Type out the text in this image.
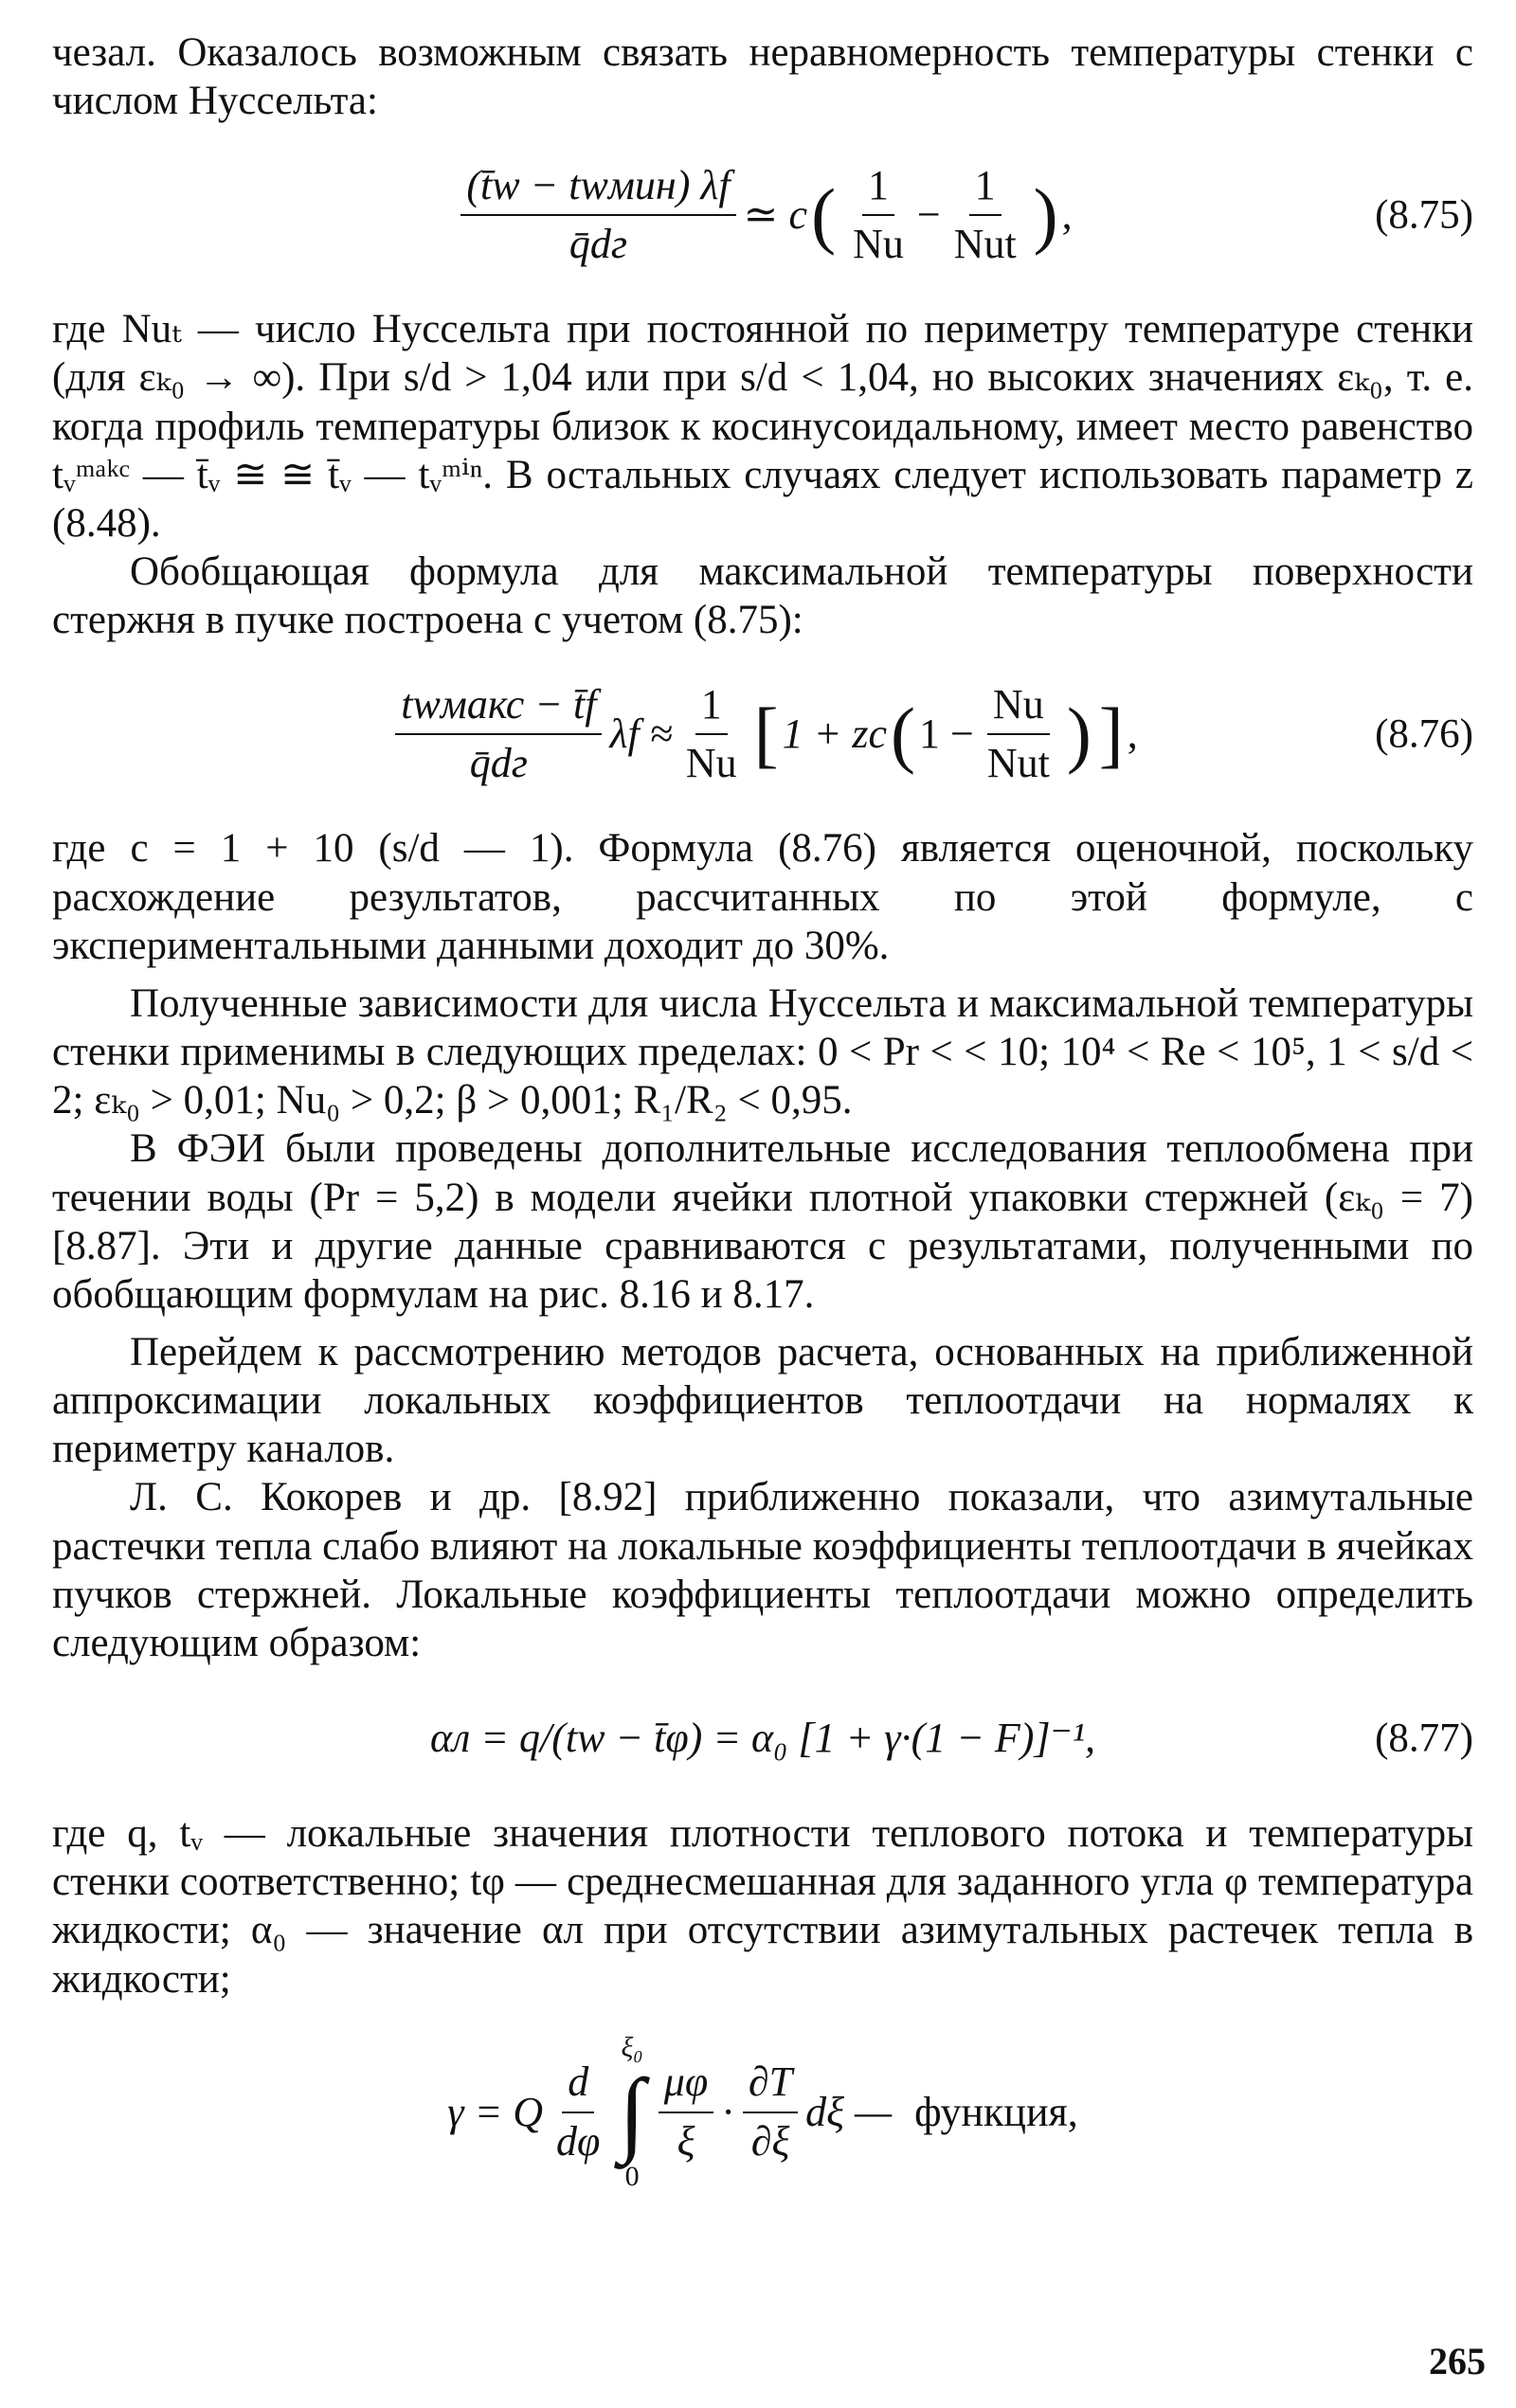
чезал. Оказалось возможным связать неравномерность температуры стенки с числом Нуссельта:

$\frac{\text{(t̄w − twмин) λf}}{q̄dг}$ ≃ c ( $\frac{1}{Nu} - \frac{1}{\text{Nut}}$ ) ,	(8.75)

где Nuₜ — число Нуссельта при постоянной по периметру температуре стенки (для εₖ₀ → ∞). При s/d > 1,04 или при s/d < 1,04, но высоких значениях εₖ₀, т. е. когда профиль температуры близок к косинусоидальному, имеет место равенство tᵥᵐᵃᵏᶜ — t̄ᵥ ≅ ≅ t̄ᵥ — tᵥᵐⁱⁿ. В остальных случаях следует использовать параметр z (8.48).

Обобщающая формула для максимальной температуры поверхности стержня в пучке построена с учетом (8.75):

$\frac{\text{twмакс − t̄f}}{q̄dг}$ $\lambda f \approx \frac{1}{Nu}$ [ 1 + zc ( $1 - \frac{Nu}{\text{Nut}}$ ) ] ,	(8.76)

где c = 1 + 10 (s/d — 1). Формула (8.76) является оценочной, поскольку расхождение результатов, рассчитанных по этой формуле, с экспериментальными данными доходит до 30%.

Полученные зависимости для числа Нуссельта и максимальной температуры стенки применимы в следующих пределах: 0 < Pr < < 10; 10⁴ < Re < 10⁵, 1 < s/d < 2; εₖ₀ > 0,01; Nu₀ > 0,2; β > 0,001; R₁/R₂ < 0,95.

В ФЭИ были проведены дополнительные исследования теплообмена при течении воды (Pr = 5,2) в модели ячейки плотной упаковки стержней (εₖ₀ = 7) [8.87]. Эти и другие данные сравниваются с результатами, полученными по обобщающим формулам на рис. 8.16 и 8.17.

Перейдем к рассмотрению методов расчета, основанных на приближенной аппроксимации локальных коэффициентов теплоотдачи на нормалях к периметру каналов.

Л. С. Кокорев и др. [8.92] приближенно показали, что азимутальные растечки тепла слабо влияют на локальные коэффициенты теплоотдачи в ячейках пучков стержней. Локальные коэффициенты теплоотдачи можно определить следующим образом:

αл = q/(tw − t̄φ) = α₀ [1 + γ·(1 − F)]⁻¹,	(8.77)

где q, tᵥ — локальные значения плотности теплового потока и температуры стенки соответственно; tφ — среднесмешанная для заданного угла φ температура жидкости; α₀ — значение αл при отсутствии азимутальных растечек тепла в жидкости;

γ = Q $\frac{d}{d\varphi}$
ξ₀
∫
0
$\frac{\mu\varphi}{\xi} \cdot \frac{\partial T}{\partial\xi}$ dξ — функция,
265
